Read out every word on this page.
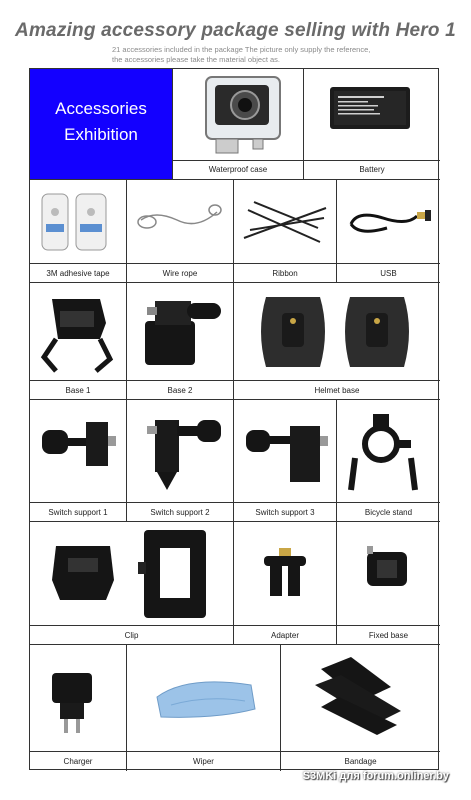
Amazing accessory package selling with Hero 1
21 accessories included in the package The picture only supply the reference,
the accessories please take the material object as.
Accessories
Exhibition
Waterproof case	Battery
3M adhesive tape	Wire rope	Ribbon	USB
Base 1	Base 2	Helmet base
Switch support 1	Switch support 2	Switch support 3	Bicycle stand
Clip	Adapter	Fixed base
Charger	Wiper	Bandage
S3MKi для forum.onliner.by
